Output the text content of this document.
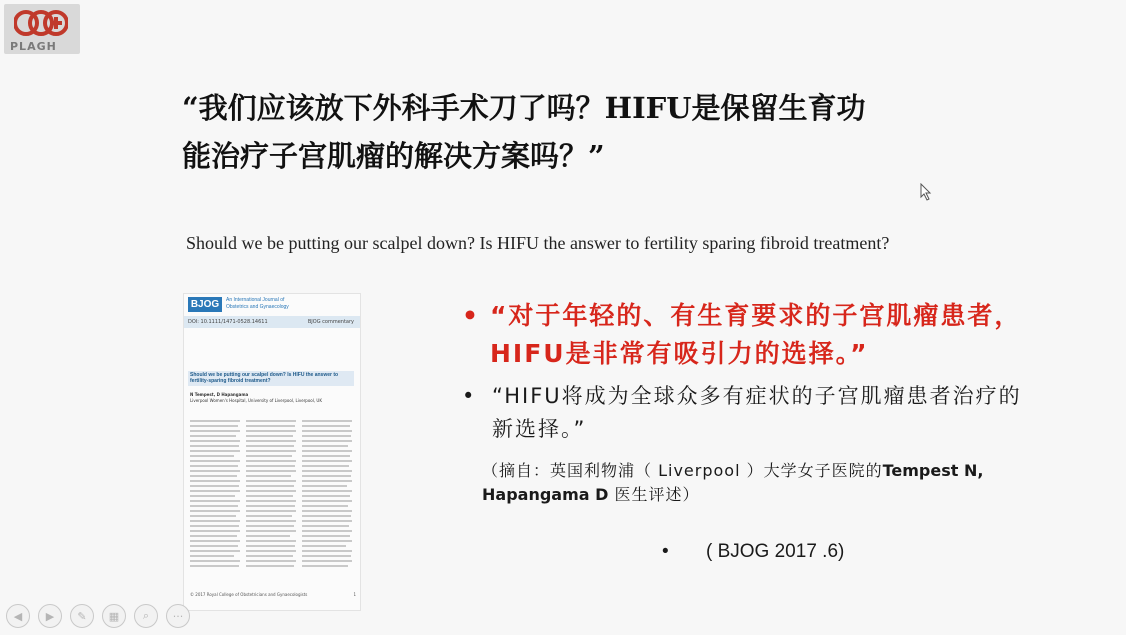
PLAGH
“我们应该放下外科手术刀了吗？HIFU是保留生育功
能治疗子宫肌瘤的解决方案吗？”
Should we be putting our scalpel down? Is HIFU the answer to fertility sparing fibroid treatment?
BJOG	An International Journal of
Obstetrics and Gynaecology
DOI: 10.1111/1471-0528.14611	BJOG commentary
Should we be putting our scalpel down? Is HIFU the answer to fertility-sparing fibroid treatment?
N Tempest, D Hapangama
Liverpool Women's Hospital, University of Liverpool, Liverpool, UK
© 2017 Royal College of Obstetricians and Gynaecologists	1
• “对于年轻的、有生育要求的子宫肌瘤患者，HIFU是非常有吸引力的选择。”
• “HIFU将成为全球众多有症状的子宫肌瘤患者治疗的新选择。”
（摘自：英国利物浦（ Liverpool ）大学女子医院的Tempest N, Hapangama D 医生评述）
•	( BJOG 2017 .6)
◀ ▶ ✎ ▦ ⌕ ···
